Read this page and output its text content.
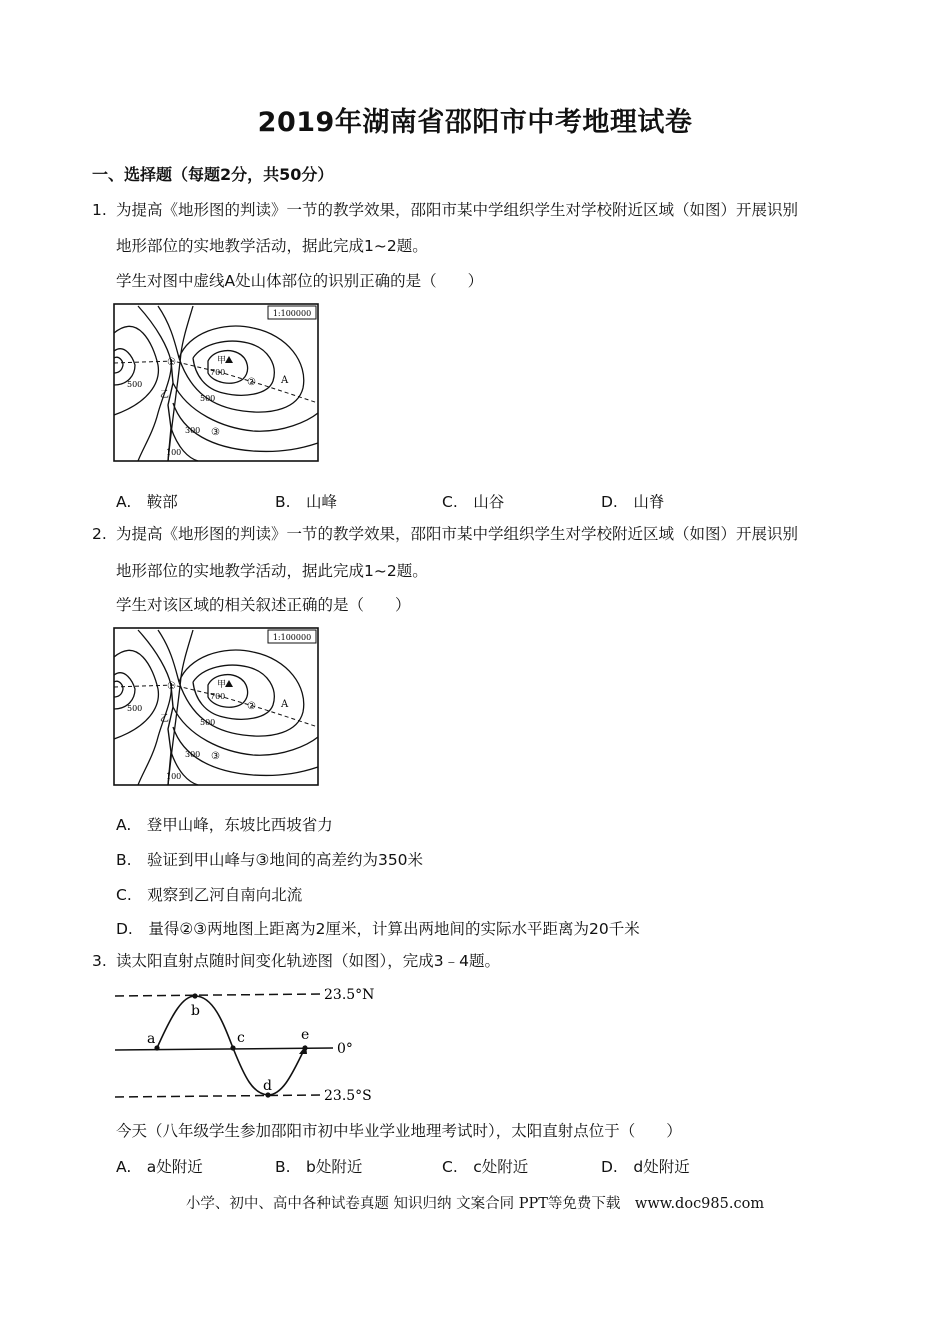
2019年湖南省邵阳市中考地理试卷
一、选择题（每题2分，共50分）
1. 为提高《地形图的判读》一节的教学效果，邵阳市某中学组织学生对学校附近区域（如图）开展识别
地形部位的实地教学活动，据此完成1~2题。
学生对图中虚线A处山体部位的识别正确的是（　　）
1:100000
甲
①
②
③
A
乙
700
500
500
300
100
A.　鞍部	B.　山峰	C.　山谷	D.　山脊
2. 为提高《地形图的判读》一节的教学效果，邵阳市某中学组织学生对学校附近区域（如图）开展识别
地形部位的实地教学活动，据此完成1~2题。
学生对该区域的相关叙述正确的是（　　）
1:100000
甲
①
②
③
A
乙
700
500
500
300
100
A.　登甲山峰，东坡比西坡省力
B.　验证到甲山峰与③地间的高差约为350米
C.　观察到乙河自南向北流
D.　量得②③两地图上距离为2厘米，计算出两地间的实际水平距离为20千米
3. 读太阳直射点随时间变化轨迹图（如图），完成3﹣4题。
a
b
c
d
e
23.5°N
0°
23.5°S
今天（八年级学生参加邵阳市初中毕业学业地理考试时），太阳直射点位于（　　）
A.　a处附近	B.　b处附近	C.　c处附近	D.　d处附近
小学、初中、高中各种试卷真题 知识归纳 文案合同 PPT等免费下载　www.doc985.com
